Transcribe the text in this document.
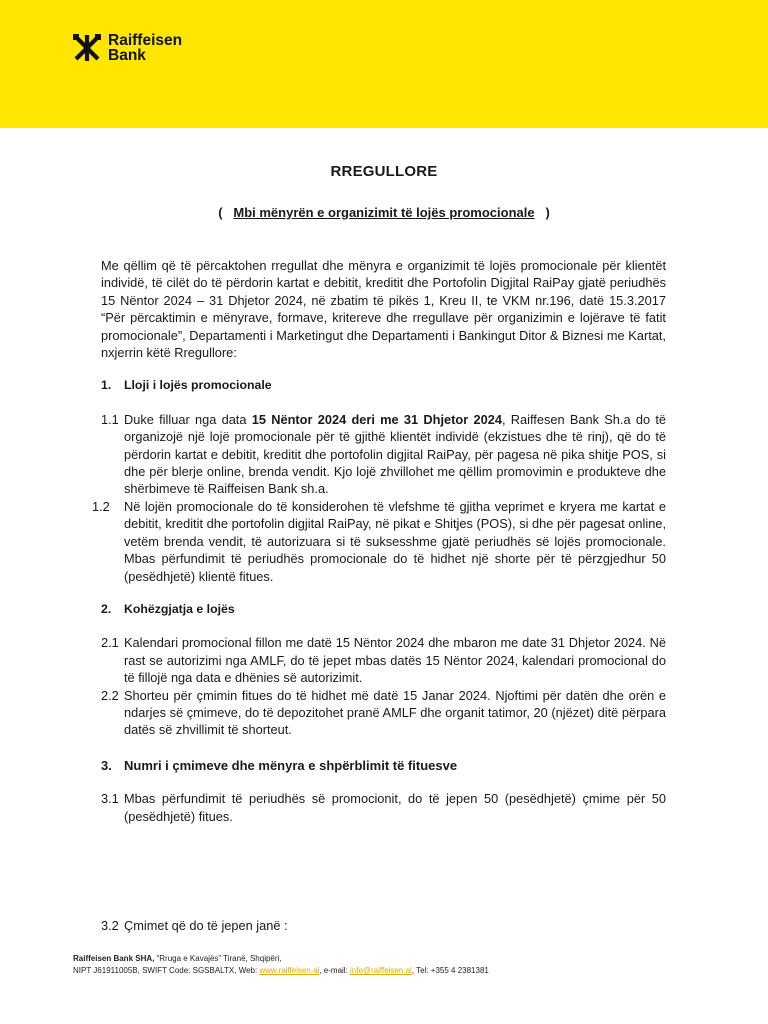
Raiffeisen
Bank
RREGULLORE
( Mbi mënyrën e organizimit të lojës promocionale )

Me qëllim që të përcaktohen rregullat dhe mënyra e organizimit të lojës promocionale për klientët individë, të cilët do të përdorin kartat e debitit, kreditit dhe Portofolin Digjital RaiPay gjatë periudhës 15 Nëntor 2024 – 31 Dhjetor 2024, në zbatim të pikës 1, Kreu II, te VKM nr.196, datë 15.3.2017 “Për përcaktimin e mënyrave, formave, kritereve dhe rregullave për organizimin e lojërave të fatit promocionale”, Departamenti i Marketingut dhe Departamenti i Bankingut Ditor & Biznesi me Kartat, nxjerrin këtë Rregullore:

1.	Lloji i lojës promocionale
1.1 Duke filluar nga data 15 Nëntor 2024 deri me 31 Dhjetor 2024, Raiffesen Bank Sh.a do të organizojë një lojë promocionale për të gjithë klientët individë (ekzistues dhe të rinj), që do të përdorin kartat e debitit, kreditit dhe portofolin digjital RaiPay, për pagesa në pika shitje POS, si dhe për blerje online, brenda vendit. Kjo lojë zhvillohet me qëllim promovimin e produkteve dhe shërbimeve të Raiffeisen Bank sh.a.
1.2	Në lojën promocionale do të konsiderohen të vlefshme të gjitha veprimet e kryera me kartat e debitit, kreditit dhe portofolin digjital RaiPay, në pikat e Shitjes (POS), si dhe për pagesat online, vetëm brenda vendit, të autorizuara si të suksesshme gjatë periudhës së lojës promocionale. Mbas përfundimit të periudhës promocionale do të hidhet një shorte për të përzgjedhur 50 (pesëdhjetë) klientë fitues.
2.	Kohëzgjatja e lojës
2.1 Kalendari promocional fillon me datë 15 Nëntor 2024 dhe mbaron me date 31 Dhjetor 2024. Në rast se autorizimi nga AMLF, do të jepet mbas datës 15 Nëntor 2024, kalendari promocional do të fillojë nga data e dhënies së autorizimit.
2.2 Shorteu për çmimin fitues do të hidhet më datë 15 Janar 2024. Njoftimi për datën dhe orën e ndarjes së çmimeve, do të depozitohet pranë AMLF dhe organit tatimor, 20 (njëzet) ditë përpara datës së zhvillimit të shorteut.
3. Numri i çmimeve dhe mënyra e shpërblimit të fituesve
3.1 Mbas përfundimit të periudhës së promocionit, do të jepen 50 (pesëdhjetë) çmime për 50 (pesëdhjetë) fitues.
3.2 Çmimet që do të jepen janë :
Raiffeisen Bank SHA, “Rruga e Kavajës” Tiranë, Shqipëri,
NIPT J61911005B, SWIFT Code: SGSBALTX, Web: www.raiffeisen.al, e-mail: info@raiffeisen.al, Tel: +355 4 2381381
